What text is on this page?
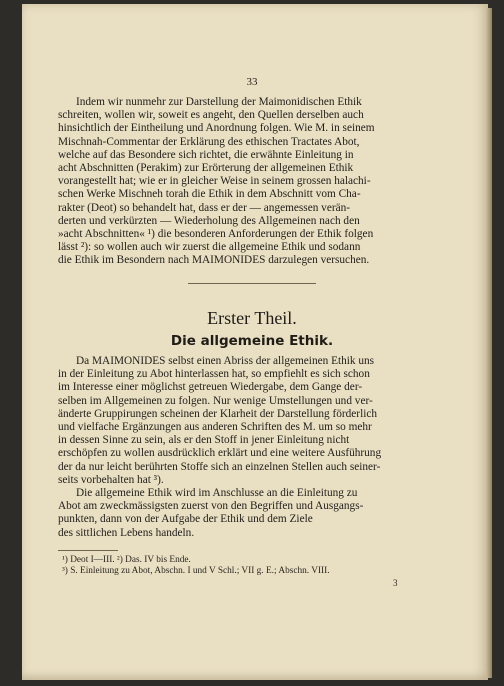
33
Indem wir nunmehr zur Darstellung der Maimonidischen Ethik
schreiten, wollen wir, soweit es angeht, den Quellen derselben auch
hinsichtlich der Eintheilung und Anordnung folgen. Wie M. in seinem
Mischnah-Commentar der Erklärung des ethischen Tractates Abot,
welche auf das Besondere sich richtet, die erwähnte Einleitung in
acht Abschnitten (Perakim) zur Erörterung der allgemeinen Ethik
vorangestellt hat; wie er in gleicher Weise in seinem grossen halachi-
schen Werke Mischneh torah die Ethik in dem Abschnitt vom Cha-
rakter (Deot) so behandelt hat, dass er der — angemessen verän-
derten und verkürzten — Wiederholung des Allgemeinen nach den
»acht Abschnitten« ¹) die besonderen Anforderungen der Ethik folgen
lässt ²): so wollen auch wir zuerst die allgemeine Ethik und sodann
die Ethik im Besondern nach MAIMONIDES darzulegen versuchen.
Erster Theil.
Die allgemeine Ethik.
Da MAIMONIDES selbst einen Abriss der allgemeinen Ethik uns
in der Einleitung zu Abot hinterlassen hat, so empfiehlt es sich schon
im Interesse einer möglichst getreuen Wiedergabe, dem Gange der-
selben im Allgemeinen zu folgen. Nur wenige Umstellungen und ver-
änderte Gruppirungen scheinen der Klarheit der Darstellung förderlich
und vielfache Ergänzungen aus anderen Schriften des M. um so mehr
in dessen Sinne zu sein, als er den Stoff in jener Einleitung nicht
erschöpfen zu wollen ausdrücklich erklärt und eine weitere Ausführung
der da nur leicht berührten Stoffe sich an einzelnen Stellen auch seiner-
seits vorbehalten hat ³).
Die allgemeine Ethik wird im Anschlusse an die Einleitung zu
Abot am zweckmässigsten zuerst von den Begriffen und Ausgangs-
punkten, dann von der Aufgabe der Ethik und dem Ziele
des sittlichen Lebens handeln.
¹) Deot I—III. ²) Das. IV bis Ende.
³) S. Einleitung zu Abot, Abschn. I und V Schl.; VII g. E.; Abschn. VIII.
3
